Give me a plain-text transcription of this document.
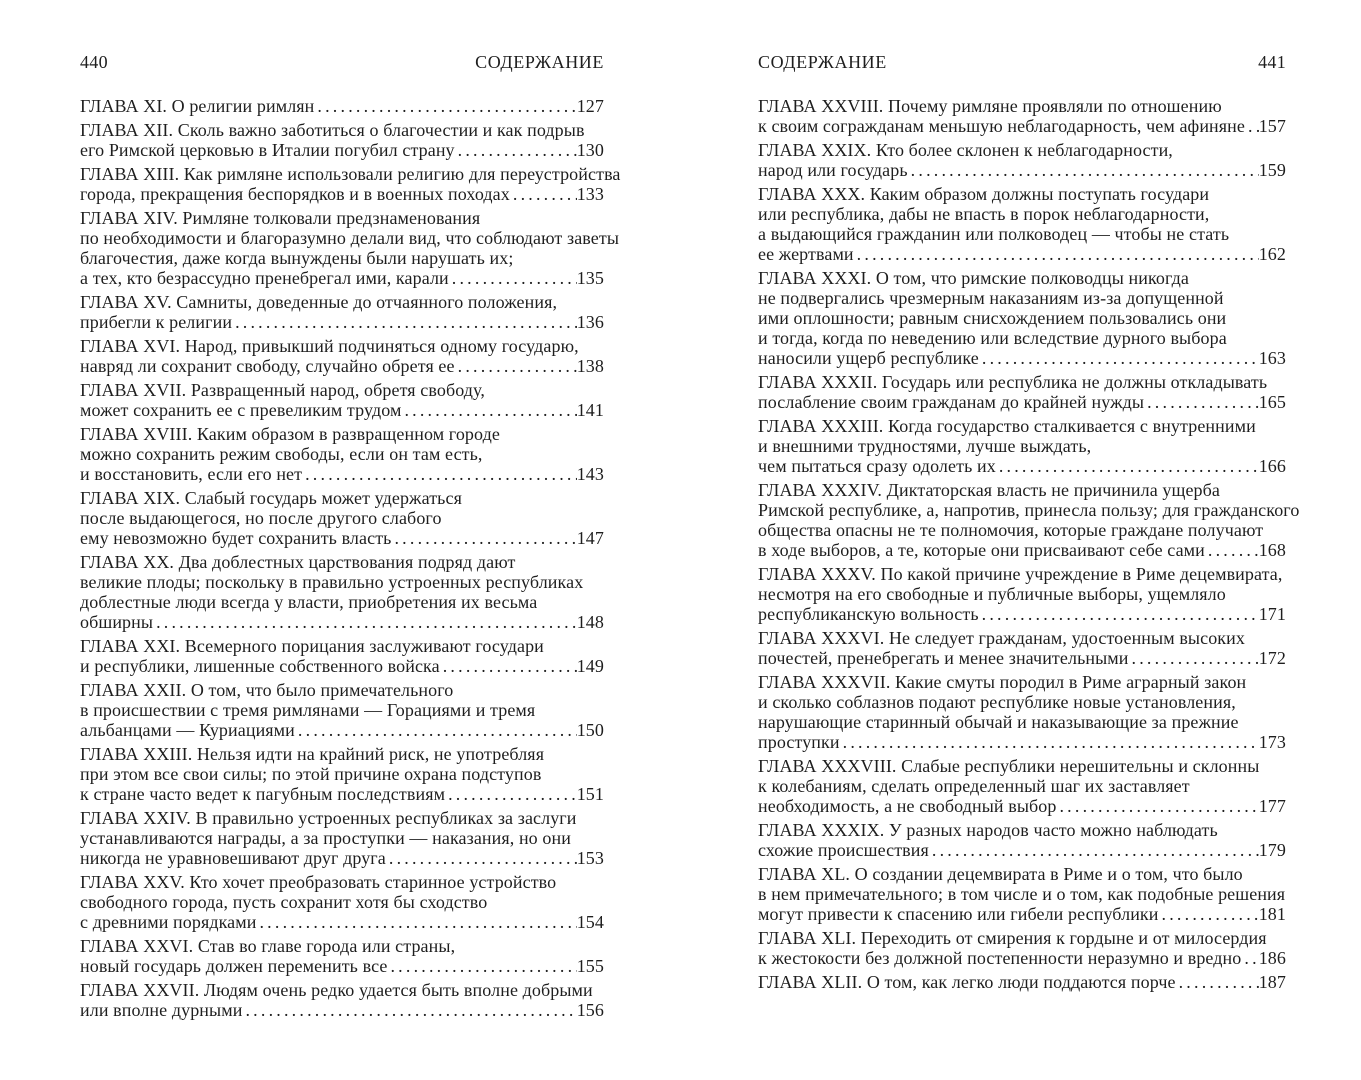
440	СОДЕРЖАНИЕ
ГЛАВА XI. О религии римлян .....	127
ГЛАВА XII. Сколь важно заботиться о благочестии и как подрыв
его Римской церковью в Италии погубил страну .....	130
ГЛАВА XIII. Как римляне использовали религию для переустройства
города, прекращения беспорядков и в военных походах .....	133
ГЛАВА XIV. Римляне толковали предзнаменования
по необходимости и благоразумно делали вид, что соблюдают заветы
благочестия, даже когда вынуждены были нарушать их;
а тех, кто безрассудно пренебрегал ими, карали .....	135
ГЛАВА XV. Самниты, доведенные до отчаянного положения,
прибегли к религии .....	136
ГЛАВА XVI. Народ, привыкший подчиняться одному государю,
навряд ли сохранит свободу, случайно обретя ее .....	138
ГЛАВА XVII. Развращенный народ, обретя свободу,
может сохранить ее с превеликим трудом .....	141
ГЛАВА XVIII. Каким образом в развращенном городе
можно сохранить режим свободы, если он там есть,
и восстановить, если его нет .....	143
ГЛАВА XIX. Слабый государь может удержаться
после выдающегося, но после другого слабого
ему невозможно будет сохранить власть .....	147
ГЛАВА XX. Два доблестных царствования подряд дают
великие плоды; поскольку в правильно устроенных республиках
доблестные люди всегда у власти, приобретения их весьма
обширны .....	148
ГЛАВА XXI. Всемерного порицания заслуживают государи
и республики, лишенные собственного войска .....	149
ГЛАВА XXII. О том, что было примечательного
в происшествии с тремя римлянами — Горациями и тремя
альбанцами — Куриациями .....	150
ГЛАВА XXIII. Нельзя идти на крайний риск, не употребляя
при этом все свои силы; по этой причине охрана подступов
к стране часто ведет к пагубным последствиям .....	151
ГЛАВА XXIV. В правильно устроенных республиках за заслуги
устанавливаются награды, а за проступки — наказания, но они
никогда не уравновешивают друг друга .....	153
ГЛАВА XXV. Кто хочет преобразовать старинное устройство
свободного города, пусть сохранит хотя бы сходство
с древними порядками .....	154
ГЛАВА XXVI. Став во главе города или страны,
новый государь должен переменить все .....	155
ГЛАВА XXVII. Людям очень редко удается быть вполне добрыми
или вполне дурными .....	156
СОДЕРЖАНИЕ	441
ГЛАВА XXVIII. Почему римляне проявляли по отношению
к своим согражданам меньшую неблагодарность, чем афиняне ..... 157
ГЛАВА XXIX. Кто более склонен к неблагодарности,
народ или государь .....	159
ГЛАВА XXX. Каким образом должны поступать государи
или республика, дабы не впасть в порок неблагодарности,
а выдающийся гражданин или полководец — чтобы не стать
ее жертвами .....	162
ГЛАВА XXXI. О том, что римские полководцы никогда
не подвергались чрезмерным наказаниям из-за допущенной
ими оплошности; равным снисхождением пользовались они
и тогда, когда по неведению или вследствие дурного выбора
наносили ущерб республике .....	163
ГЛАВА XXXII. Государь или республика не должны откладывать
послабление своим гражданам до крайней нужды .....	165
ГЛАВА XXXIII. Когда государство сталкивается с внутренними
и внешними трудностями, лучше выждать,
чем пытаться сразу одолеть их .....	166
ГЛАВА XXXIV. Диктаторская власть не причинила ущерба
Римской республике, а, напротив, принесла пользу; для гражданского
общества опасны не те полномочия, которые граждане получают
в ходе выборов, а те, которые они присваивают себе сами .....	168
ГЛАВА XXXV. По какой причине учреждение в Риме децемвирата,
несмотря на его свободные и публичные выборы, ущемляло
республиканскую вольность .....	171
ГЛАВА XXXVI. Не следует гражданам, удостоенным высоких
почестей, пренебрегать и менее значительными .....	172
ГЛАВА XXXVII. Какие смуты породил в Риме аграрный закон
и сколько соблазнов подают республике новые установления,
нарушающие старинный обычай и наказывающие за прежние
проступки .....	173
ГЛАВА XXXVIII. Слабые республики нерешительны и склонны
к колебаниям, сделать определенный шаг их заставляет
необходимость, а не свободный выбор .....	177
ГЛАВА XXXIX. У разных народов часто можно наблюдать
схожие происшествия .....	179
ГЛАВА XL. О создании децемвирата в Риме и о том, что было
в нем примечательного; в том числе и о том, как подобные решения
могут привести к спасению или гибели республики .....	181
ГЛАВА XLI. Переходить от смирения к гордыне и от милосердия
к жестокости без должной постепенности неразумно и вредно ..... 186
ГЛАВА XLII. О том, как легко люди поддаются порче .....	187
